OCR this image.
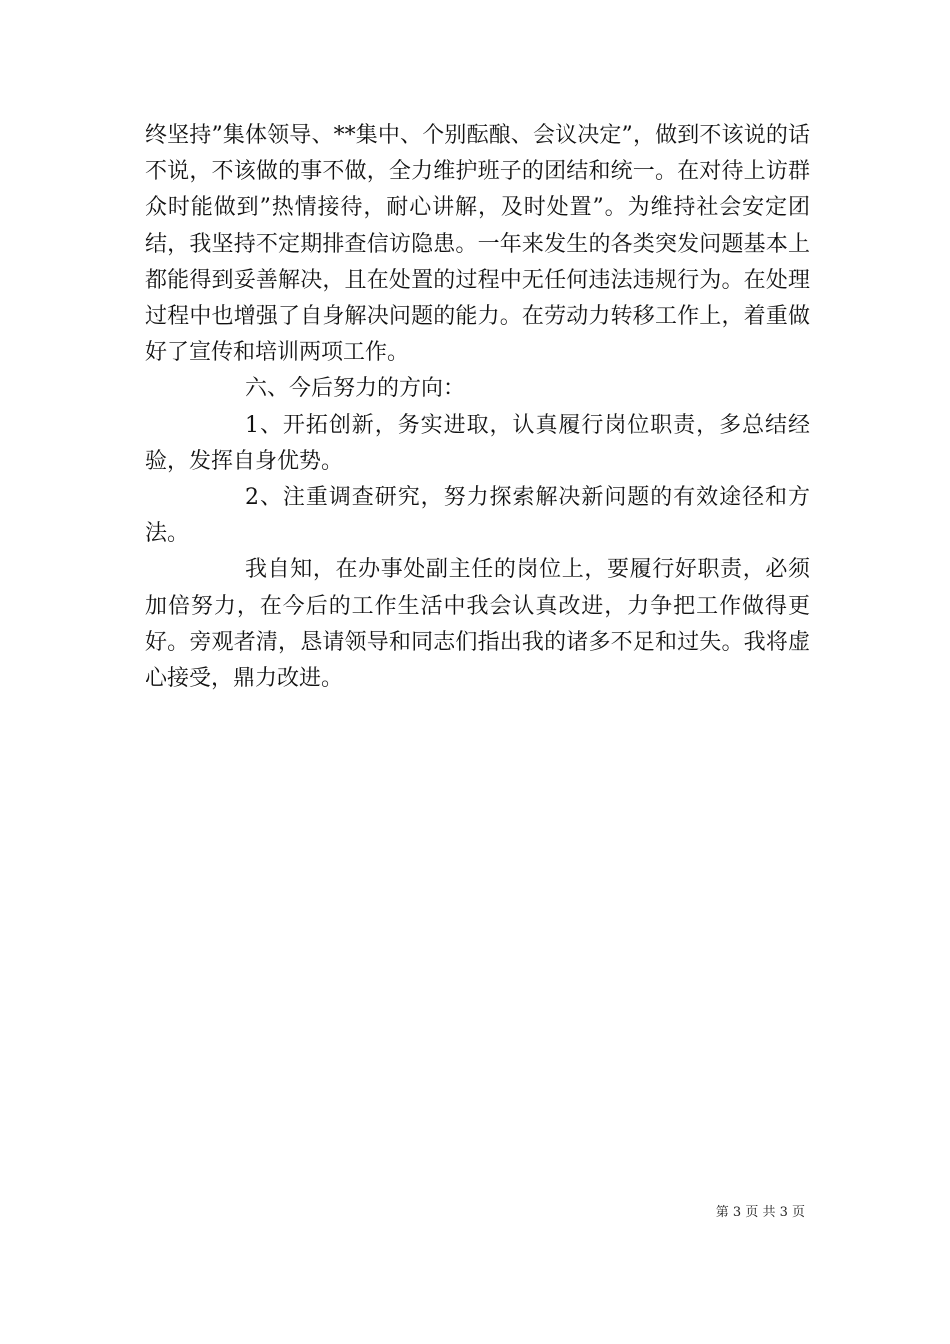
终坚持”集体领导、**集中、个别酝酿、会议决定”，做到不该说的话不说，不该做的事不做，全力维护班子的团结和统一。在对待上访群众时能做到”热情接待，耐心讲解，及时处置”。为维持社会安定团结，我坚持不定期排查信访隐患。一年来发生的各类突发问题基本上都能得到妥善解决，且在处置的过程中无任何违法违规行为。在处理过程中也增强了自身解决问题的能力。在劳动力转移工作上，着重做好了宣传和培训两项工作。

六、今后努力的方向：

1、开拓创新，务实进取，认真履行岗位职责，多总结经验，发挥自身优势。

2、注重调查研究，努力探索解决新问题的有效途径和方法。

我自知，在办事处副主任的岗位上，要履行好职责，必须加倍努力，在今后的工作生活中我会认真改进，力争把工作做得更好。旁观者清，恳请领导和同志们指出我的诸多不足和过失。我将虚心接受，鼎力改进。

第 3 页 共 3 页
